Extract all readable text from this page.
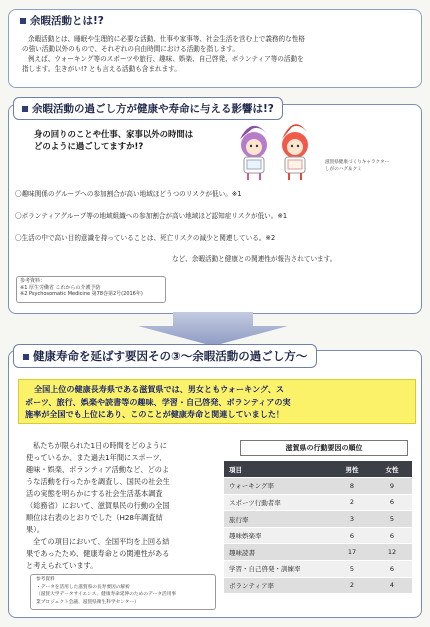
余暇活動とは!?
余暇活動とは、睡眠や生理的に必要な活動、仕事や家事等、社会生活を営む上で義務的な性格
の強い活動以外のもので、それぞれの自由時間における活動を指します。
例えば、ウォーキング等のスポーツや旅行、趣味、娯楽、自己啓発、ボランティア等の活動を
指します。生きがい!? とも言える活動も含まれます。
余暇活動の過ごし方が健康や寿命に与える影響は!?
身の回りのことや仕事、家事以外の時間は
どのように過ごしてますか!?
滋賀県健康づくりキャラクター
しがのハグ＆クミ
〇趣味関係のグループへの参加割合が高い地域ほどうつのリスクが低い。※1
〇ボランティアグループ等の地域組織への参加割合が高い地域ほど認知症リスクが低い。※1
〇生活の中で高い目的意識を持っていることは、死亡リスクの減少と関連している。※2
など、余暇活動と健康との関連性が報告されています。
参考資料：
※1 厚生労働省 これからの介護予防
※2 Psychosomatic Medicine 第78巻第2号(2016年)
健康寿命を延ばす要因その③～余暇活動の過ごし方～
全国上位の健康長寿県である滋賀県では、男女ともウォーキング、ス
ポーツ、旅行、娯楽や読書等の趣味、学習・自己啓発、ボランティアの実
施率が全国でも上位にあり、このことが健康寿命と関連していました！
私たちが限られた1日の時間をどのように
使っているか、また過去1年間にスポーツ、
趣味・娯楽、ボランティア活動など、どのよ
うな活動を行ったかを調査し、国民の社会生
活の実態を明らかにする社会生活基本調査
（総務省）において、滋賀県民の行動の全国
順位は右表のとおりでした（H28年調査結
果）。
全ての項目において、全国平均を上回る結
果であったため、健康寿命との関連性がある
と考えられています。
参考資料
・データを活用した滋賀県の長寿要因の解析
（滋賀大学データサイエンス、健康寿命延伸のためのデータ活用事
業プロジェクト会議、滋賀県衛生科学センター）
滋賀県の行動要因の順位
項目	男性	女性
ウォーキング率	8	9
スポーツ行動者率	2	6
旅行率	3	5
趣味娯楽率	6	6
趣味読書	17	12
学習・自己啓発・訓練率	5	6
ボランティア率	2	4
